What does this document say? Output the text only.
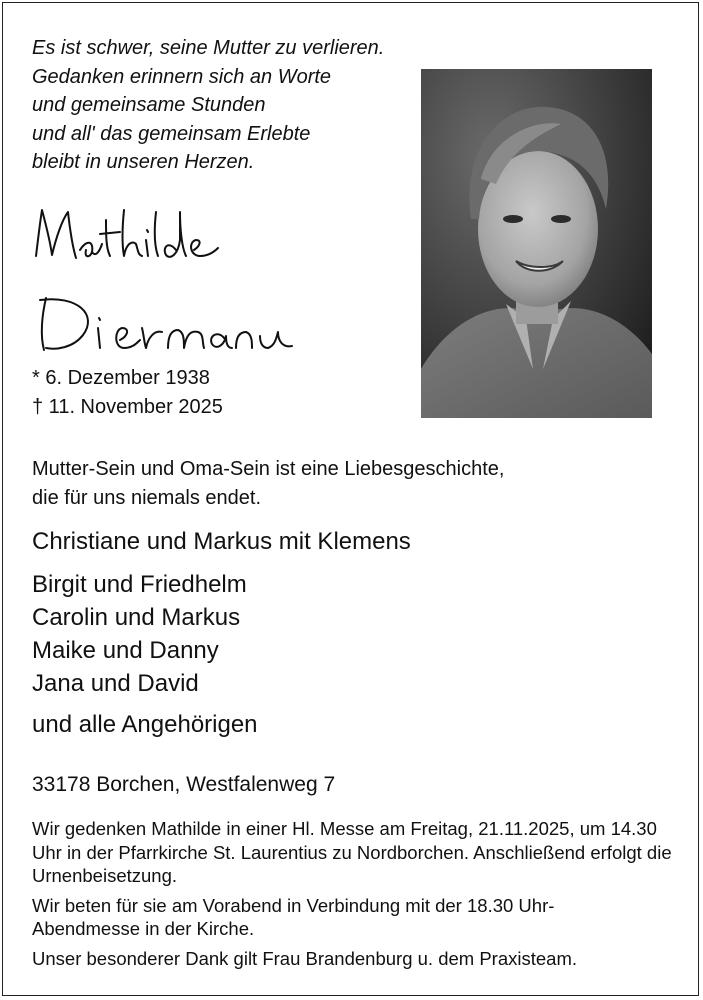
Es ist schwer, seine Mutter zu verlieren.
Gedanken erinnern sich an Worte
und gemeinsame Stunden
und all' das gemeinsam Erlebte
bleibt in unseren Herzen.
* 6. Dezember 1938
† 11. November 2025
Mutter-Sein und Oma-Sein ist eine Liebesgeschichte,
die für uns niemals endet.
Christiane und Markus mit Klemens
Birgit und Friedhelm
Carolin und Markus
Maike und Danny
Jana und David
und alle Angehörigen
33178 Borchen, Westfalenweg 7

Wir gedenken Mathilde in einer Hl. Messe am Freitag, 21.11.2025, um 14.30 Uhr in der Pfarrkirche St. Laurentius zu Nordborchen. Anschließend erfolgt die Urnenbeisetzung.

Wir beten für sie am Vorabend in Verbindung mit der 18.30 Uhr-Abendmesse in der Kirche.

Unser besonderer Dank gilt Frau Brandenburg u. dem Praxisteam.
